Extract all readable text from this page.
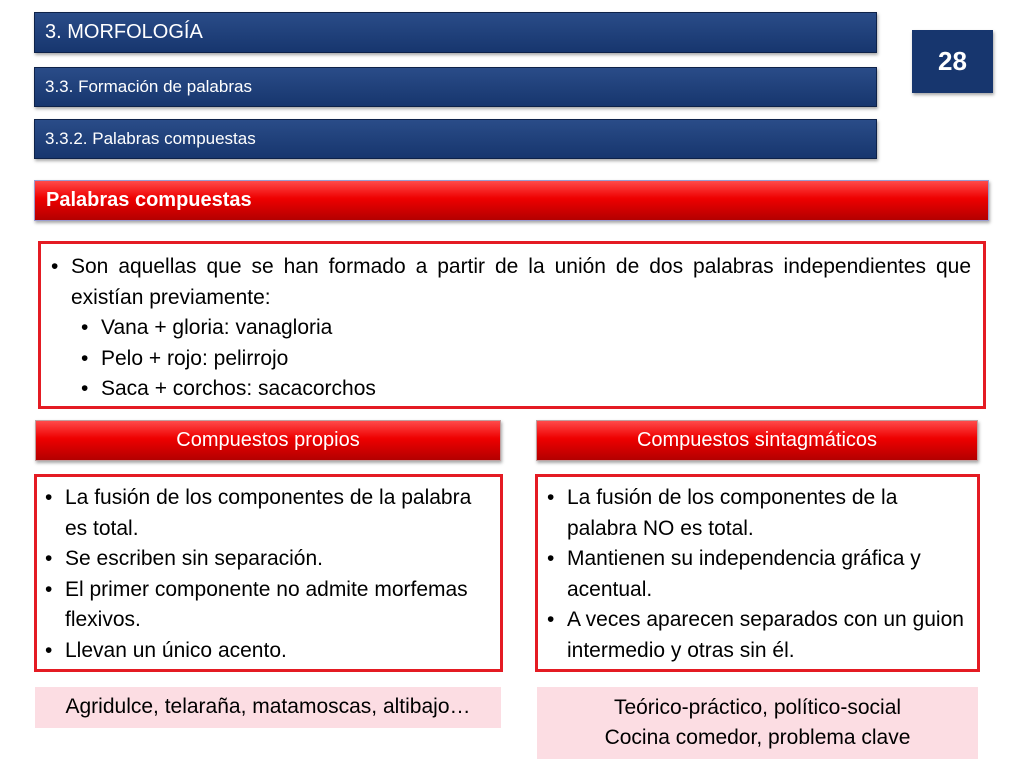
3. MORFOLOGÍA
3.3. Formación de palabras
3.3.2. Palabras compuestas
28
Palabras compuestas
• Son aquellas que se han formado a partir de la unión de dos palabras independientes que existían previamente:
• Vana + gloria: vanagloria
• Pelo + rojo: pelirrojo
• Saca + corchos: sacacorchos
Compuestos propios	Compuestos sintagmáticos
• La fusión de los componentes de la palabra es total.
• Se escriben sin separación.
• El primer componente no admite morfemas flexivos.
• Llevan un único acento.
• La fusión de los componentes de la palabra NO es total.
• Mantienen su independencia gráfica y acentual.
• A veces aparecen separados con un guion intermedio y otras sin él.
Agridulce, telaraña, matamoscas, altibajo…	Teórico-práctico, político-social
Cocina comedor, problema clave
